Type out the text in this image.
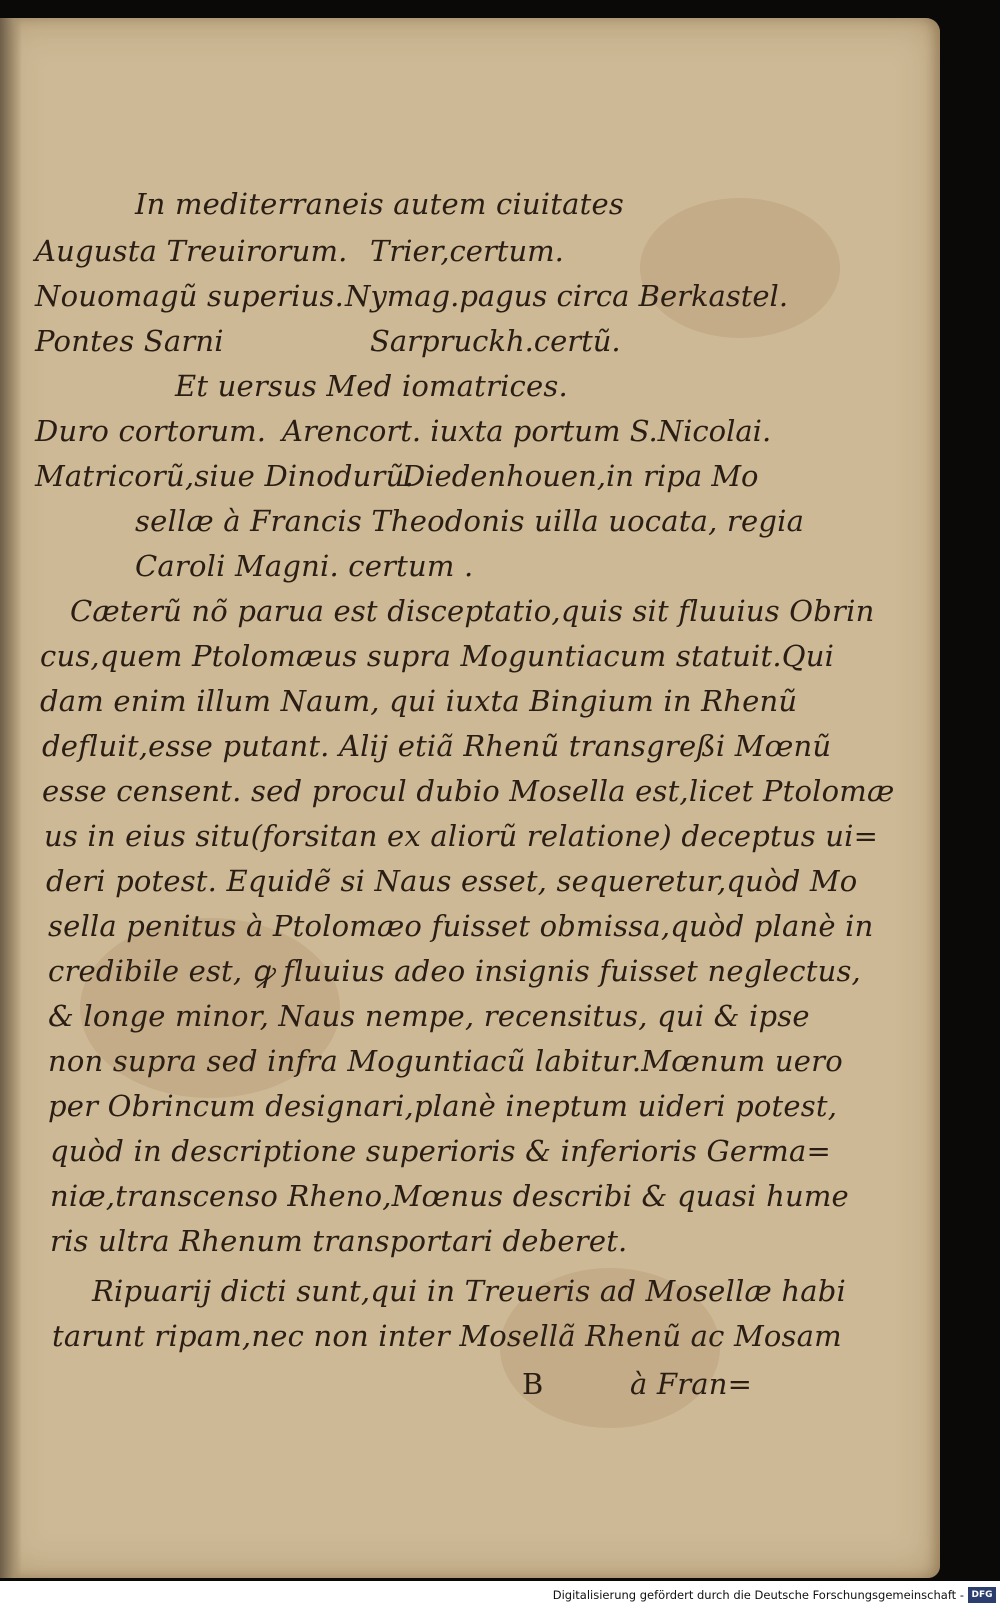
In mediterraneis autem ciuitates
Augusta Treuirorum. Trier,certum.
Nouomagũ superius. Nymag.pagus circa Berkastel.
Pontes Sarni	Sarpruckh.certũ.
Et uersus Med iomatrices.
Duro cortorum. Arencort. iuxta portum S.Nicolai.
Matricorũ,siue Dinodurũ.
Diedenhouen,in ripa Mo
sellæ à Francis Theodonis uilla uocata, regia
Caroli Magni. certum .
Cæterũ nõ parua est disceptatio,quis sit fluuius Obrin
cus,quem Ptolomæus supra Moguntiacum statuit.Qui
dam enim illum Naum, qui iuxta Bingium in Rhenũ
defluit,esse putant. Alij etiã Rhenũ transgreßi Mœnũ
esse censent. sed procul dubio Mosella est,licet Ptolomæ
us in eius situ(forsitan ex aliorũ relatione) deceptus ui=
deri potest. Equidẽ si Naus esset, sequeretur,quòd Mo
sella penitus à Ptolomæo fuisset obmissa,quòd planè in
credibile est, ꝙ fluuius adeo insignis fuisset neglectus,
& longe minor, Naus nempe, recensitus, qui & ipse
non supra sed infra Moguntiacũ labitur.Mœnum uero
per Obrincum designari,planè ineptum uideri potest,
quòd in descriptione superioris & inferioris Germa=
niæ,transcenso Rheno,Mœnus describi & quasi hume
ris ultra Rhenum transportari deberet.
Ripuarij dicti sunt,qui in Treueris ad Mosellæ habi
tarunt ripam,nec non inter Mosellã Rhenũ ac Mosam
B	à Fran=
Digitalisierung gefördert durch die Deutsche Forschungsgemeinschaft - DFG
